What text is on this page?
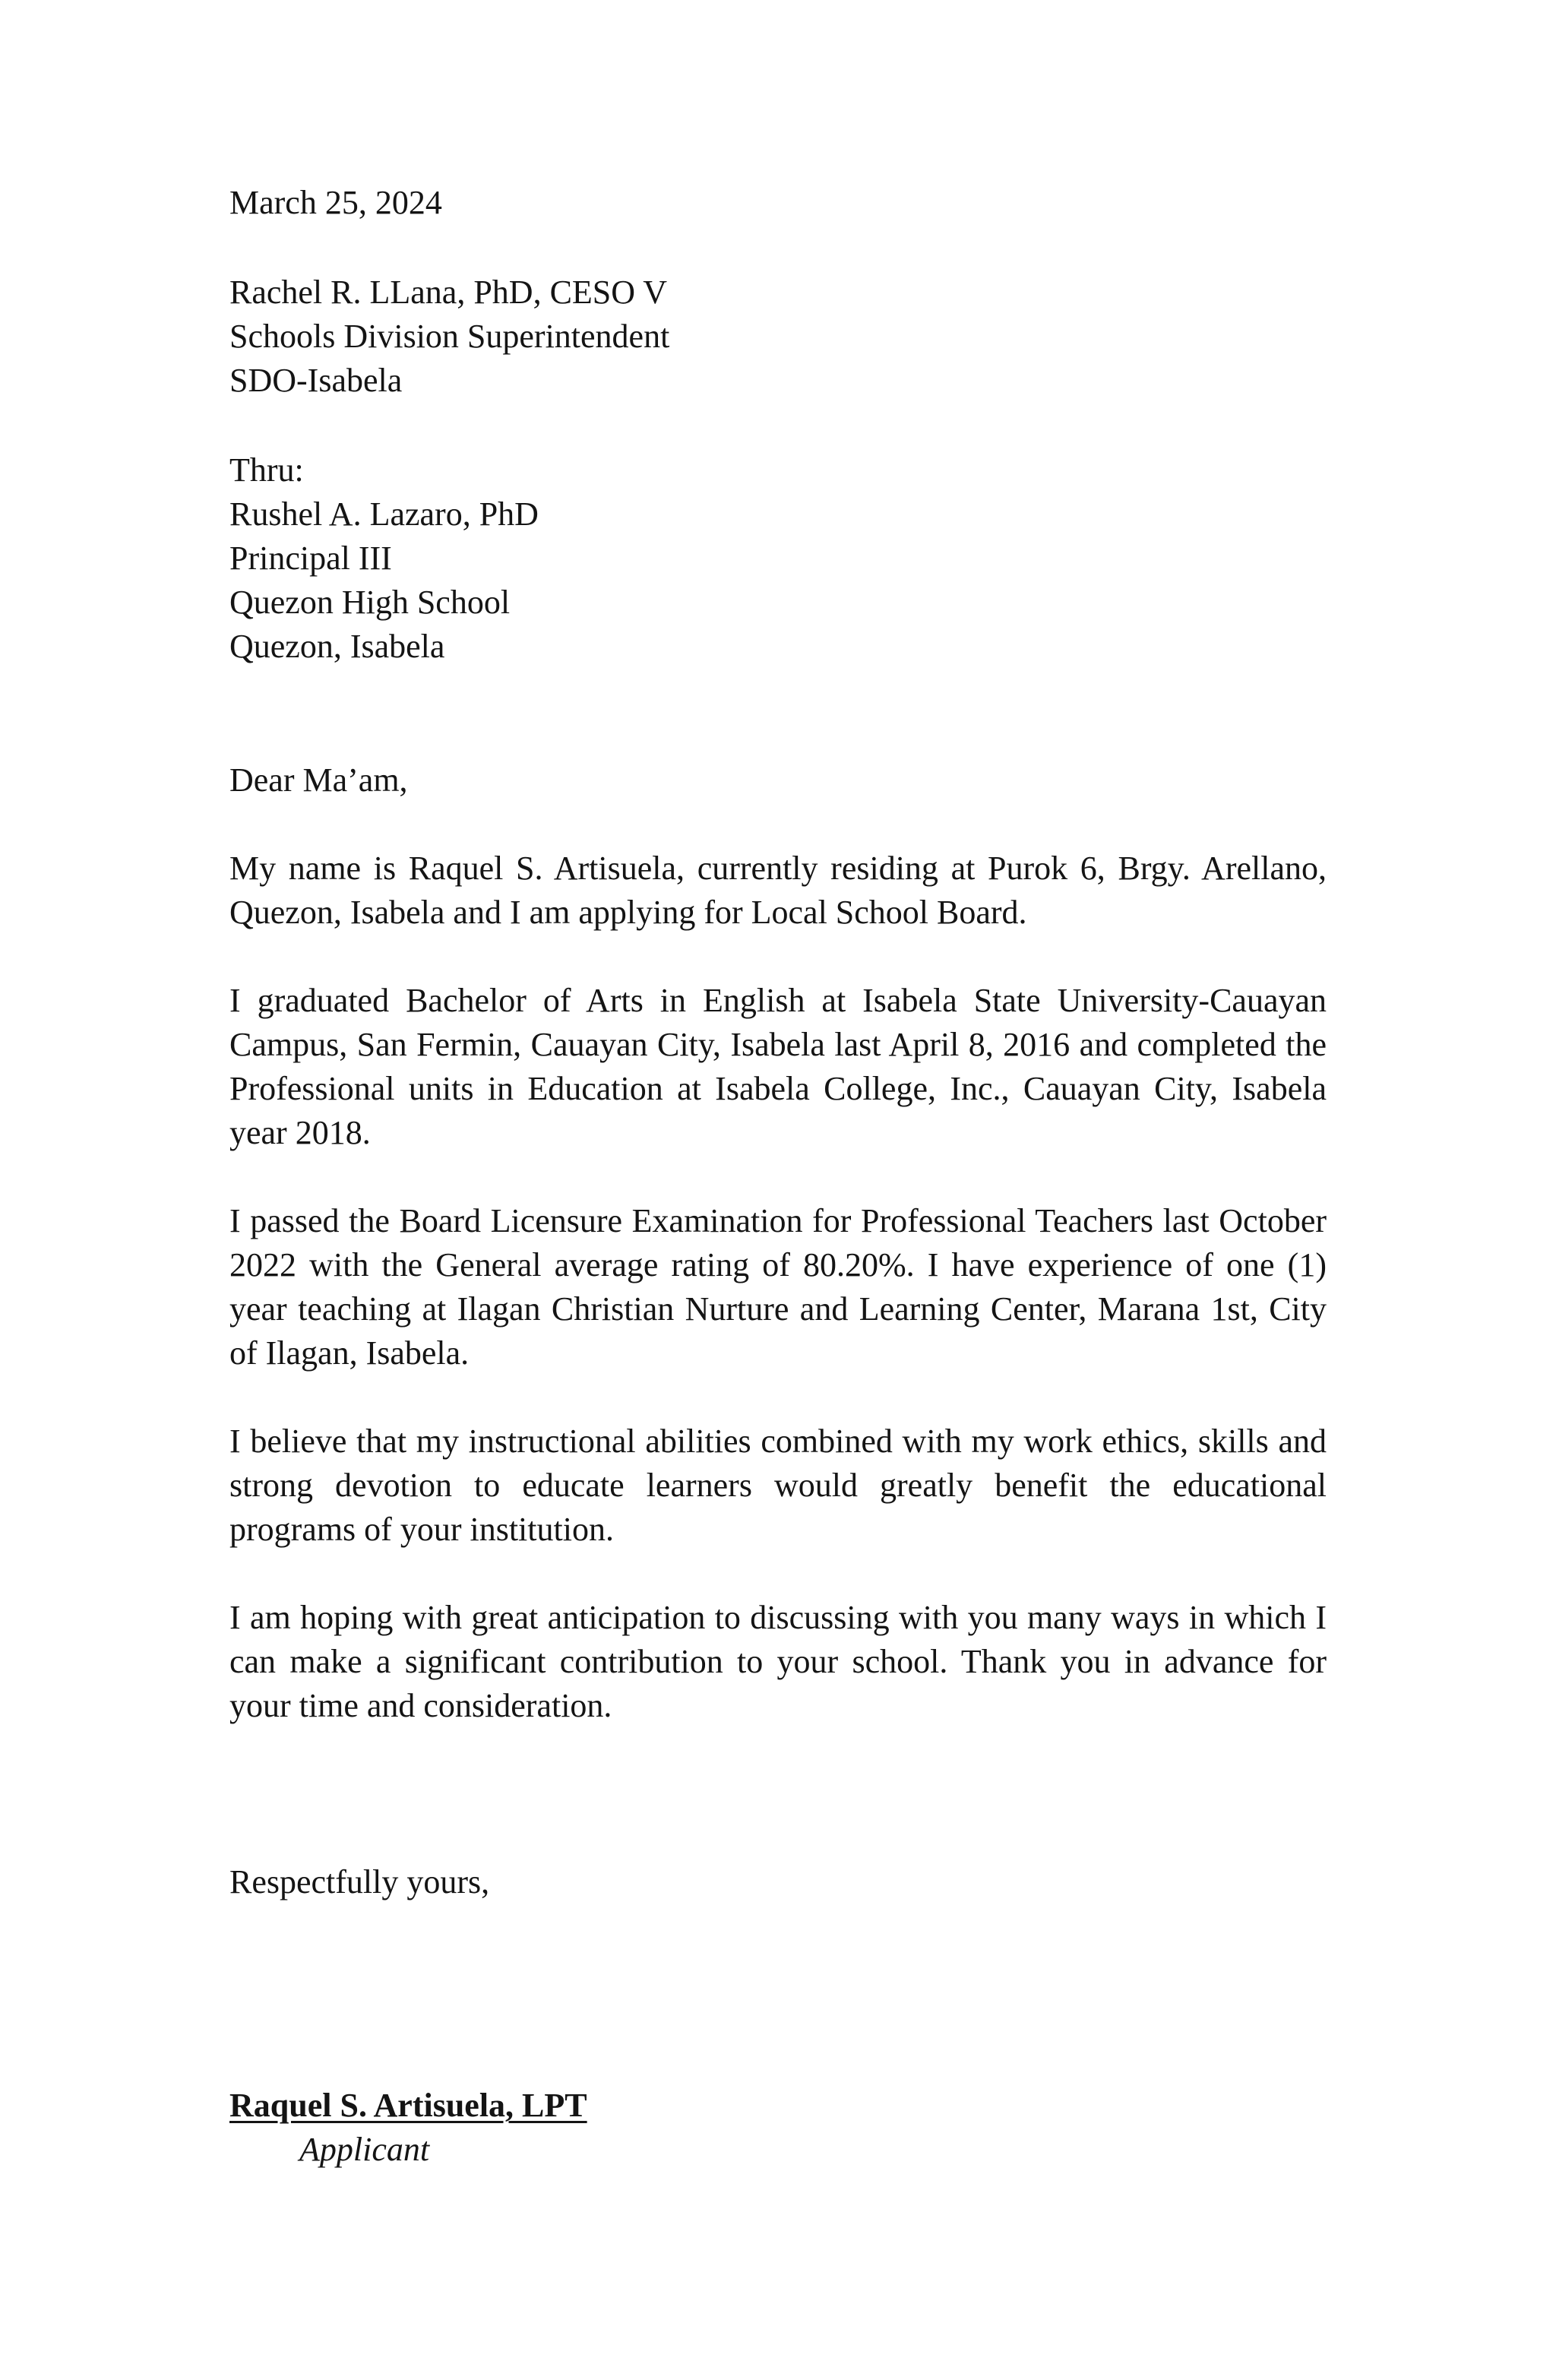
March 25, 2024
Rachel R. LLana, PhD, CESO V
Schools Division Superintendent
SDO-Isabela
Thru:
Rushel A. Lazaro, PhD
Principal III
Quezon High School
Quezon, Isabela
Dear Ma’am,
My name is Raquel S. Artisuela, currently residing at Purok 6, Brgy. Arellano, Quezon, Isabela and I am applying for Local School Board.
I graduated Bachelor of Arts in English at Isabela State University-Cauayan Campus, San Fermin, Cauayan City, Isabela last April 8, 2016 and completed the Professional units in Education at Isabela College, Inc., Cauayan City, Isabela year 2018.
I passed the Board Licensure Examination for Professional Teachers last October 2022 with the General average rating of 80.20%. I have experience of one (1) year teaching at Ilagan Christian Nurture and Learning Center, Marana 1st, City of Ilagan, Isabela.
I believe that my instructional abilities combined with my work ethics, skills and strong devotion to educate learners would greatly benefit the educational programs of your institution.
I am hoping with great anticipation to discussing with you many ways in which I can make a significant contribution to your school. Thank you in advance for your time and consideration.
Respectfully yours,
Raquel S. Artisuela, LPT
Applicant
